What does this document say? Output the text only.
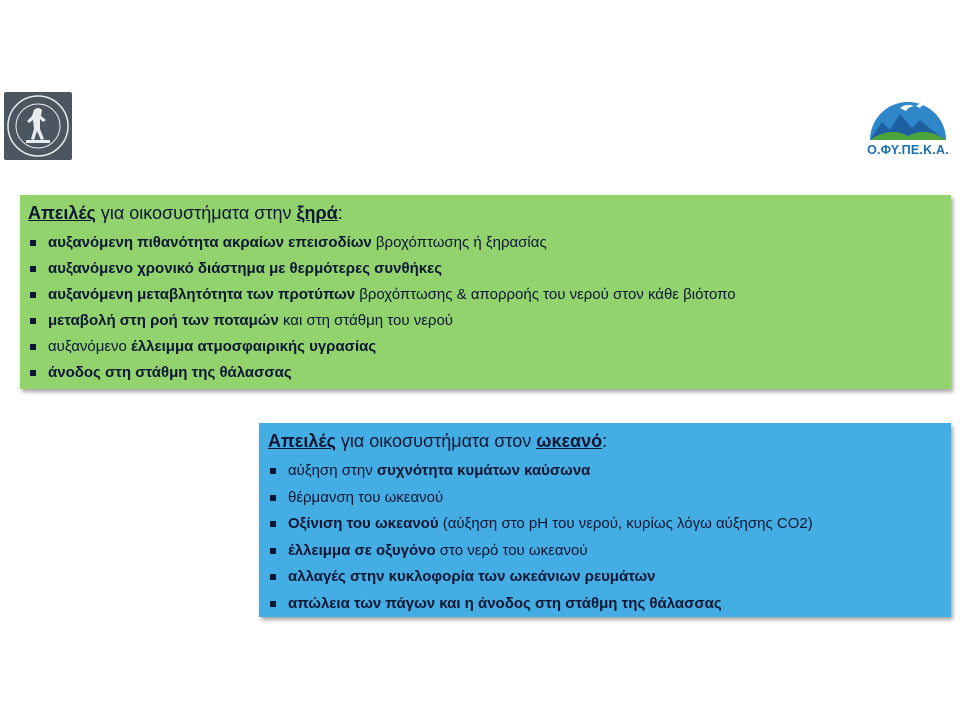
Ο.ΦΥ.ΠΕ.Κ.Α.
Απειλές για οικοσυστήματα στην ξηρά:
αυξανόμενη πιθανότητα ακραίων επεισοδίων βροχόπτωσης ή ξηρασίας
αυξανόμενο χρονικό διάστημα με θερμότερες συνθήκες
αυξανόμενη μεταβλητότητα των προτύπων βροχόπτωσης & απορροής του νερού στον κάθε βιότοπο
μεταβολή στη ροή των ποταμών και στη στάθμη του νερού
αυξανόμενο έλλειμμα ατμοσφαιρικής υγρασίας
άνοδος στη στάθμη της θάλασσας
Απειλές για οικοσυστήματα στον ωκεανό:
αύξηση στην συχνότητα κυμάτων καύσωνα
θέρμανση του ωκεανού
Οξίνιση του ωκεανού (αύξηση στο pH του νερού, κυρίως λόγω αύξησης CO2)
έλλειμμα σε οξυγόνο στο νερό του ωκεανού
αλλαγές στην κυκλοφορία των ωκεάνιων ρευμάτων
απώλεια των πάγων και η άνοδος στη στάθμη της θάλασσας
